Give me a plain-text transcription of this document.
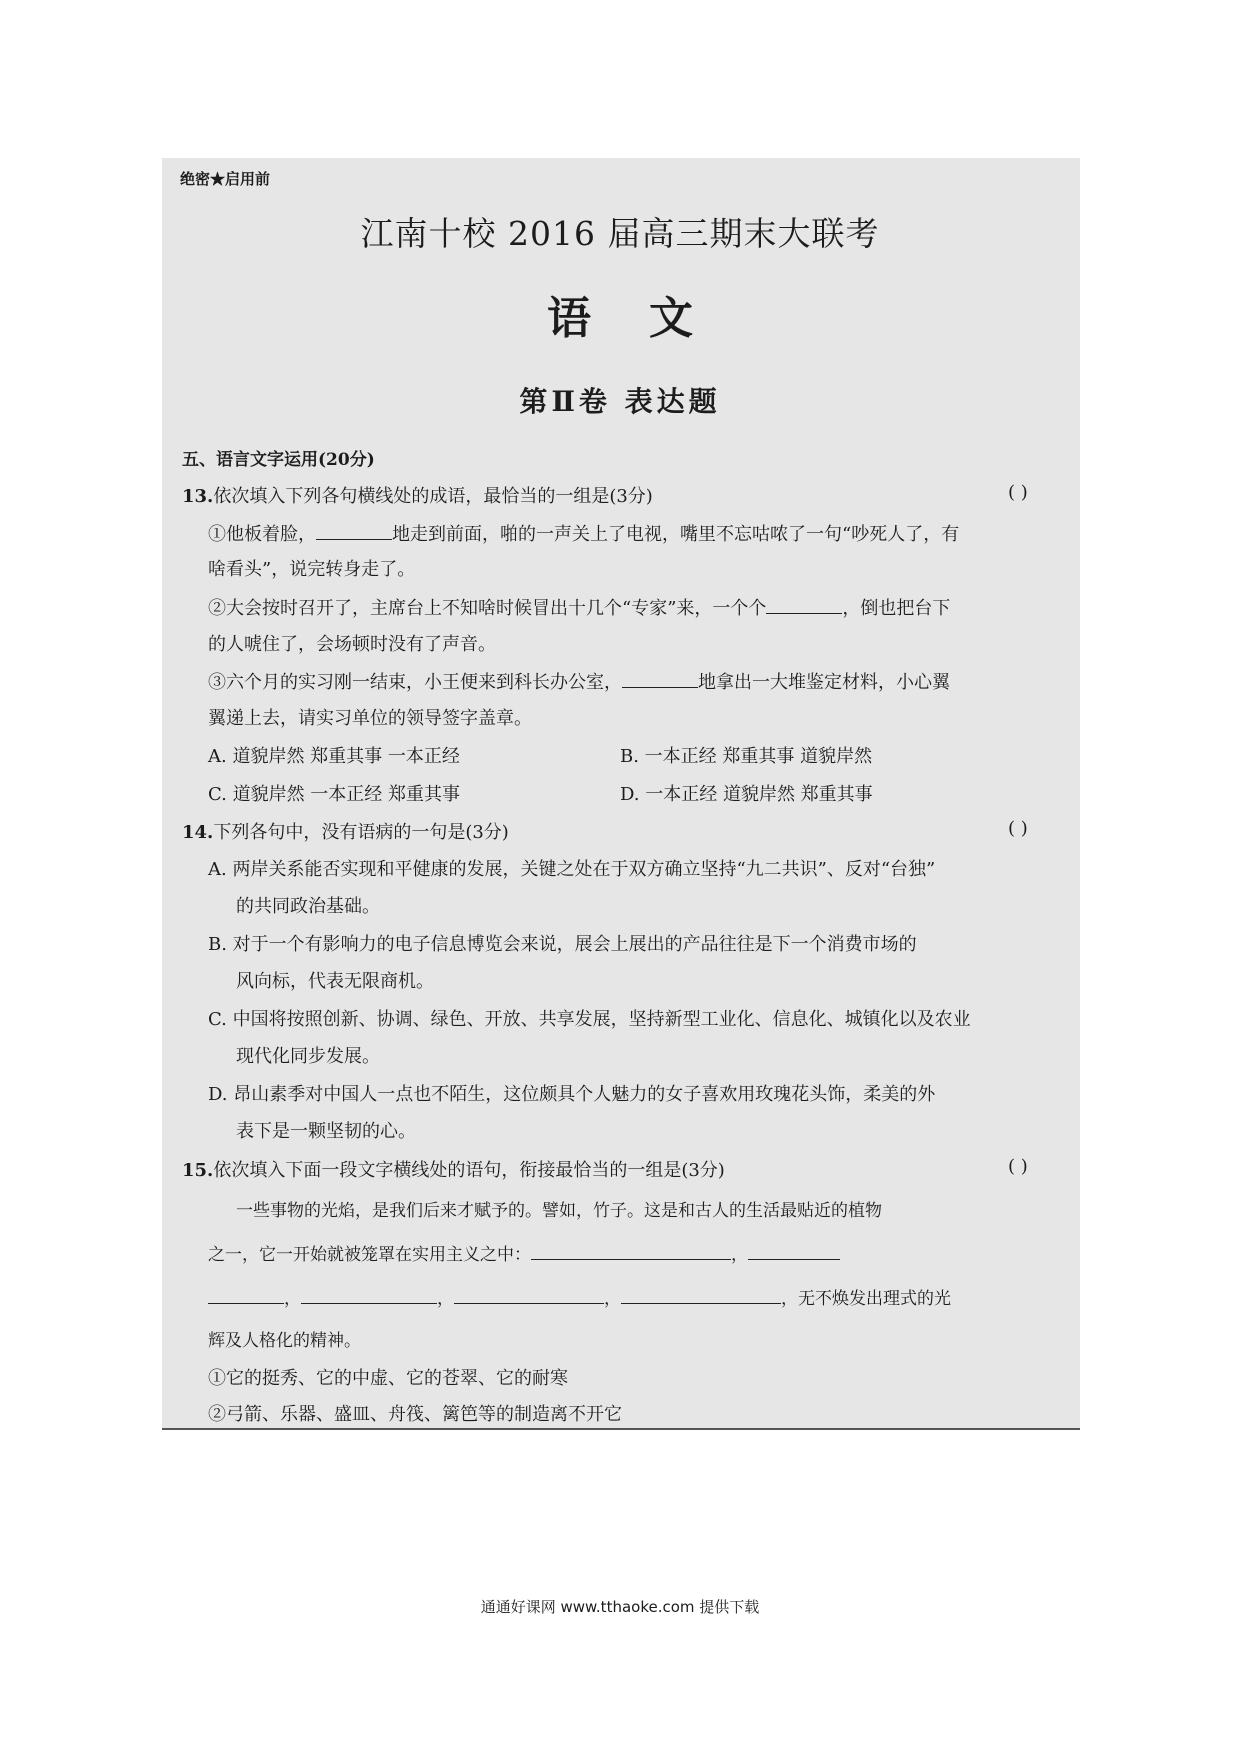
绝密★启用前
江南十校 2016 届高三期末大联考
语文
第Ⅱ卷 表达题
五、语言文字运用(20分)
13.依次填入下列各句横线处的成语，最恰当的一组是(3分)	( )
①他板着脸，	地走到前面，啪的一声关上了电视，嘴里不忘咕哝了一句“吵死人了，有
啥看头”，说完转身走了。
②大会按时召开了，主席台上不知啥时候冒出十几个“专家”来，一个个	，倒也把台下
的人唬住了，会场顿时没有了声音。
③六个月的实习刚一结束，小王便来到科长办公室，	地拿出一大堆鉴定材料，小心翼
翼递上去，请实习单位的领导签字盖章。
A. 道貌岸然 郑重其事 一本正经	B. 一本正经 郑重其事 道貌岸然
C. 道貌岸然 一本正经 郑重其事	D. 一本正经 道貌岸然 郑重其事
14.下列各句中，没有语病的一句是(3分)	( )
A. 两岸关系能否实现和平健康的发展，关键之处在于双方确立坚持“九二共识”、反对“台独”
的共同政治基础。
B. 对于一个有影响力的电子信息博览会来说，展会上展出的产品往往是下一个消费市场的
风向标，代表无限商机。
C. 中国将按照创新、协调、绿色、开放、共享发展，坚持新型工业化、信息化、城镇化以及农业
现代化同步发展。
D. 昂山素季对中国人一点也不陌生，这位颇具个人魅力的女子喜欢用玫瑰花头饰，柔美的外
表下是一颗坚韧的心。
15.依次填入下面一段文字横线处的语句，衔接最恰当的一组是(3分)	( )
一些事物的光焰，是我们后来才赋予的。譬如，竹子。这是和古人的生活最贴近的植物
之一，它一开始就被笼罩在实用主义之中：	，
，	，	，	，无不焕发出理式的光
辉及人格化的精神。
①它的挺秀、它的中虚、它的苍翠、它的耐寒
②弓箭、乐器、盛皿、舟筏、篱笆等的制造离不开它
通通好课网 www.tthaoke.com 提供下载
